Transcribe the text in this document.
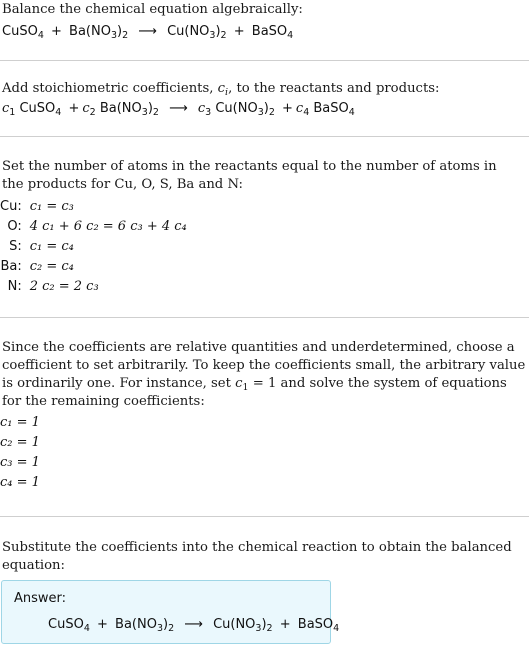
Balance the chemical equation algebraically:
CuSO$_4$ + $Ba(NO_3)_2$ ⟶ $Cu(NO_3)_2$ + BaSO$_4$
Add stoichiometric coefficients, $c_i$, to the reactants and products:
$c_1$ CuSO$_4$ + $c_2$ $Ba(NO_3)_2$ ⟶ $c_3$ $Cu(NO_3)_2 + c_4$ BaSO$_4$
Set the number of atoms in the reactants equal to the number of atoms in the products for Cu, O, S, Ba and N:
Cu:	c₁ = c₃
O:	4 c₁ + 6 c₂ = 6 c₃ + 4 c₄
S:	c₁ = c₄
Ba:	c₂ = c₄
N:	2 c₂ = 2 c₃
Since the coefficients are relative quantities and underdetermined, choose a coefficient to set arbitrarily. To keep the coefficients small, the arbitrary value is ordinarily one. For instance, set $c_1 = 1$ and solve the system of equations for the remaining coefficients:
c₁ = 1
c₂ = 1
c₃ = 1
c₄ = 1
Substitute the coefficients into the chemical reaction to obtain the balanced equation:
Answer:
CuSO$_4$ + $Ba(NO_3)_2$ ⟶ $Cu(NO_3)_2$ + BaSO$_4$
